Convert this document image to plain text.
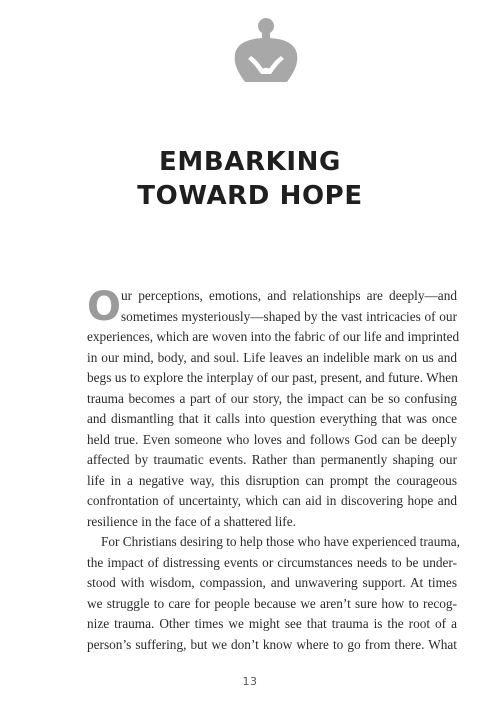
EMBARKING
TOWARD HOPE
O ur perceptions, emotions, and relationships are deeply—and
sometimes mysteriously—shaped by the vast intricacies of our
experiences, which are woven into the fabric of our life and imprinted
in our mind, body, and soul. Life leaves an indelible mark on us and
begs us to explore the interplay of our past, present, and future. When
trauma becomes a part of our story, the impact can be so confusing
and dismantling that it calls into question everything that was once
held true. Even someone who loves and follows God can be deeply
affected by traumatic events. Rather than permanently shaping our
life in a negative way, this disruption can prompt the courageous
confrontation of uncertainty, which can aid in discovering hope and
resilience in the face of a shattered life.
For Christians desiring to help those who have experienced trauma,
the impact of distressing events or circumstances needs to be under-
stood with wisdom, compassion, and unwavering support. At times
we struggle to care for people because we aren’t sure how to recog-
nize trauma. Other times we might see that trauma is the root of a
person’s suffering, but we don’t know where to go from there. What
13
